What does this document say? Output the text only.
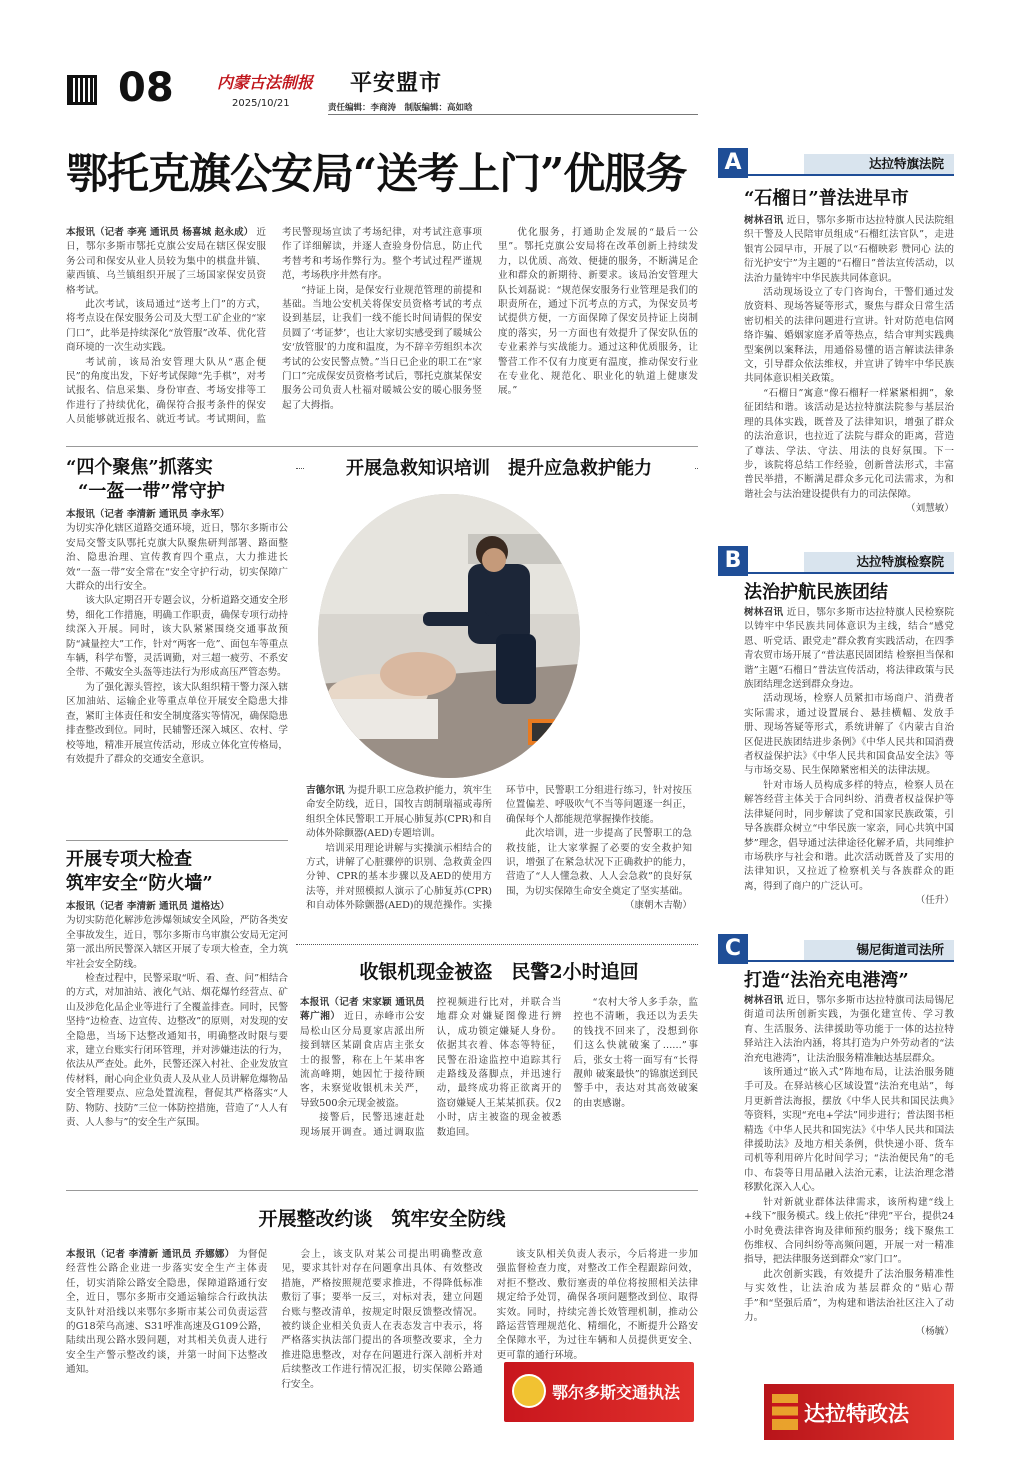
08	内蒙古法制报
2025/10/21
平安盟市
责任编辑：李商涛　制版编辑：高如晗
鄂托克旗公安局“送考上门”优服务
本报讯（记者 李亮 通讯员 杨喜城 赵永成） 近日，鄂尔多斯市鄂托克旗公安局在辖区保安服务公司和保安从业人员较为集中的棋盘井镇、蒙西镇、乌兰镇组织开展了三场国家保安员资格考试。

此次考试，该局通过“送考上门”的方式，将考点设在保安服务公司及大型工矿企业的“家门口”，此举是持续深化“放管服”改革、优化营商环境的一次生动实践。

考试前，该局治安管理大队从“惠企便民”的角度出发，下好考试保障“先手棋”，对考试报名、信息采集、身份审查、考场安排等工作进行了持续优化，确保符合报考条件的保安人员能够就近报名、就近考试。考试期间，监考民警现场宣读了考场纪律，对考试注意事项作了详细解读，并逐人查验身份信息，防止代考替考和考场作弊行为。整个考试过程严谨规范，考场秩序井然有序。

“持证上岗，是保安行业规范管理的前提和基础。当地公安机关将保安员资格考试的考点设到基层，让我们一线不能长时间请假的保安员圆了‘考证梦’，也让大家切实感受到了暖城公安‘放管服’的力度和温度，为不辞辛劳组织本次考试的公安民警点赞。”当日已企业的职工在“家门口”完成保安员资格考试后，鄂托克旗某保安服务公司负责人杜福对暖城公安的暖心服务竖起了大拇指。

优化服务，打通助企发展的“最后一公里”。鄂托克旗公安局将在改革创新上持续发力，以优质、高效、便捷的服务，不断满足企业和群众的新期待、新要求。该局治安管理大队长刘磊说：“规范保安服务行业管理是我们的职责所在，通过下沉考点的方式，为保安员考试提供方便，一方面保障了保安员持证上岗制度的落实，另一方面也有效提升了保安队伍的专业素养与实战能力。通过这种优质服务，让警营工作不仅有力度更有温度，推动保安行业在专业化、规范化、职业化的轨道上健康发展。”

“四个聚焦”抓落实
“一盔一带”常守护
本报讯（记者 李清新 通讯员 李永军）

为切实净化辖区道路交通环境，近日，鄂尔多斯市公安局交警支队鄂托克旗大队聚焦研判部署、路面整治、隐患治理、宣传教育四个重点，大力推进长效“一盔一带”安全常在“安全守护行动，切实保障广大群众的出行安全。

该大队定期召开专题会议，分析道路交通安全形势，细化工作措施，明确工作职责，确保专项行动持续深入开展。同时，该大队紧紧围绕交通事故预防“减量控大”工作，针对“两客一危”、面包车等重点车辆，科学布警，灵活调勤，对三超一疲劳、不系安全带、不戴安全头盔等违法行为形成高压严管态势。

为了强化源头管控，该大队组织精干警力深入辖区加油站、运输企业等重点单位开展安全隐患大排查，紧盯主体责任和安全制度落实等情况，确保隐患排查整改到位。同时，民辅警还深入城区、农村、学校等地，精准开展宣传活动，形成立体化宣传格局，有效提升了群众的交通安全意识。

开展专项大检查
筑牢安全“防火墙”
本报讯（记者 李清新 通讯员 道格达）

为切实防范化解涉危涉爆领域安全风险，严防各类安全事故发生，近日，鄂尔多斯市乌审旗公安局无定河第一派出所民警深入辖区开展了专项大检查，全力筑牢社会安全防线。

检查过程中，民警采取“听、看、查、问”相结合的方式，对加油站、液化气站、烟花爆竹经营点、矿山及涉危化品企业等进行了全覆盖排查。同时，民警坚持“边检查、边宣传、边整改”的原则，对发现的安全隐患，当场下达整改通知书，明确整改时限与要求，建立台账实行闭环管理，并对涉嫌违法的行为，依法从严查处。此外，民警还深入村社、企业发放宣传材料，耐心向企业负责人及从业人员讲解危爆物品安全管理要点、应急处置流程，督促其严格落实“人防、物防、技防”三位一体防控措施，营造了“人人有责、人人参与”的安全生产氛围。

开展急救知识培训　提升应急救护能力
吉德尔讯 为提升职工应急救护能力，筑牢生命安全防线，近日，国牧吉朗制瑞福或毒所组织全体民警职工开展心肺复苏(CPR)和自动体外除颤器(AED)专题培训。

培训采用理论讲解与实操演示相结合的方式，讲解了心脏骤停的识别、急救黄金四分钟、CPR的基本步骤以及AED的使用方法等，并对照模拟人演示了心肺复苏(CPR)和自动体外除颤器(AED)的规范操作。实操环节中，民警职工分组进行练习，针对按压位置偏差、呼吸吹气不当等问题逐一纠正，确保每个人都能规范掌握操作技能。

此次培训，进一步提高了民警职工的急救技能，让大家掌握了必要的安全救护知识，增强了在紧急状况下正确救护的能力，营造了“人人懂急救、人人会急救”的良好氛围，为切实保障生命安全奠定了坚实基础。

（康朝木吉勒）
收银机现金被盗　民警2小时追回
本报讯（记者 宋家颖 通讯员 蒋广湘） 近日，赤峰市公安局松山区分局夏家店派出所接到辖区某副食店店主张女士的报警，称在上午某串客流高峰期，她因忙于接待顾客，未察觉收银机未关严，导致500余元现金被盗。

接警后，民警迅速赶赴现场展开调查。通过调取监控视频进行比对，并联合当地群众对嫌疑图像进行辨认，成功锁定嫌疑人身份。依据其衣着、体态等特征，民警在沿途监控中追踪其行走路线及落脚点，并迅速行动，最终成功将正欲离开的盗窃嫌疑人王某某抓获。仅2小时，店主被盗的现金被悉数追回。

“农村大爷人多手杂，监控也不清晰，我还以为丢失的钱找不回来了，没想到你们这么快就破案了……”事后，张女士将一面写有“长得靓帅 破案最快”的锦旗送到民警手中，表达对其高效破案的由衷感谢。

开展整改约谈　筑牢安全防线
本报讯（记者 李清新 通讯员 乔娜娜） 为督促经营性公路企业进一步落实安全生产主体责任，切实消除公路安全隐患，保障道路通行安全，近日，鄂尔多斯市交通运输综合行政执法支队针对沿线以来鄂尔多斯市某公司负责运营的G18荣乌高速、S31呼准高速及G109公路，陆续出现公路水毁问题，对其相关负责人进行安全生产警示整改约谈，并第一时间下达整改通知。

会上，该支队对某公司提出明确整改意见，要求其针对存在问题拿出具体、有效整改措施，严格按照规范要求推进，不得降低标准敷衍了事；要举一反三，对标对表，建立问题台账与整改清单，按规定时限反馈整改情况。被约谈企业相关负责人在表态发言中表示，将严格落实执法部门提出的各项整改要求，全力推进隐患整改，对存在问题进行深入剖析并对后续整改工作进行情况汇报，切实保障公路通行安全。

该支队相关负责人表示，今后将进一步加强监督检查力度，对整改工作全程跟踪问效，对拒不整改、敷衍塞责的单位将按照相关法律规定给予处罚，确保各项问题整改到位、取得实效。同时，持续完善长效管理机制，推动公路运营管理规范化、精细化，不断提升公路安全保障水平，为过往车辆和人员提供更安全、更可靠的通行环境。

鄂尔多斯交通执法
A	达拉特旗法院
“石榴日”普法进早市
树林召讯 近日，鄂尔多斯市达拉特旗人民法院组织干警及人民陪审员组成“石榴红法官队”，走进银宵公园早市，开展了以“石榴映彩 赞同心 法的衍光护安宁”为主题的“石榴日”普法宣传活动，以法治力量铸牢中华民族共同体意识。

活动现场设立了专门咨询台，干警们通过发放资料、现场答疑等形式，聚焦与群众日常生活密切相关的法律问题进行宣讲。针对防范电信网络诈骗、婚姻家庭矛盾等热点，结合审判实践典型案例以案释法，用通俗易懂的语言解读法律条文，引导群众依法维权，并宣讲了铸牢中华民族共同体意识相关政策。

“石榴日”寓意“像石榴籽一样紧紧相拥”，象征团结和谐。该活动是达拉特旗法院参与基层治理的具体实践，既普及了法律知识，增强了群众的法治意识，也拉近了法院与群众的距离，营造了尊法、学法、守法、用法的良好氛围。下一步，该院将总结工作经验，创新普法形式，丰富普民举措，不断满足群众多元化司法需求，为和谐社会与法治建设提供有力的司法保障。

（刘慧敏）
B	达拉特旗检察院
法治护航民族团结
树林召讯 近日，鄂尔多斯市达拉特旗人民检察院以铸牢中华民族共同体意识为主线，结合“感党恩、听党话、跟党走”群众教育实践活动，在四季青农贸市场开展了“普法惠民固团结 检察担当保和谐”主题“石榴日”普法宣传活动，将法律政策与民族团结理念送到群众身边。

活动现场，检察人员紧扣市场商户、消费者实际需求，通过设置展台、悬挂横幅、发放手册、现场答疑等形式，系统讲解了《内蒙古自治区促进民族团结进步条例》《中华人民共和国消费者权益保护法》《中华人民共和国食品安全法》等与市场交易、民生保障紧密相关的法律法规。

针对市场人员构成多样的特点，检察人员在解答经营主体关于合同纠纷、消费者权益保护等法律疑问时，同步解读了党和国家民族政策，引导各族群众树立“中华民族一家亲，同心共筑中国梦”理念，倡导通过法律途径化解矛盾，共同维护市场秩序与社会和谐。此次活动既普及了实用的法律知识，又拉近了检察机关与各族群众的距离，得到了商户的广泛认可。

（任升）
C	锡尼街道司法所
打造“法治充电港湾”
树林召讯 近日，鄂尔多斯市达拉特旗司法局锡尼街道司法所创新实践，为强化建宣传、学习教育、生活服务、法律援助等功能于一体的达拉特驿站注入法治内涵，将其打造为户外劳动者的“法治充电港湾”，让法治服务精准触达基层群众。

该所通过“嵌入式”阵地布局，让法治服务随手可及。在驿站核心区域设置“法治充电站”，每月更新普法海报，摆放《中华人民共和国民法典》等资料，实现“充电+学法”同步进行；普法图书柜精选《中华人民共和国宪法》《中华人民共和国法律援助法》及地方相关条例，供快递小哥、货车司机等利用碎片化时间学习；“法治便民角”的毛巾、布袋等日用品融入法治元素，让法治理念潜移默化深入人心。

针对新就业群体法律需求，该所构建“线上+线下”服务模式。线上依托“律兜”平台，提供24小时免费法律咨询及律师预约服务；线下聚焦工伤维权、合同纠纷等高频问题，开展一对一精准指导，把法律服务送到群众“家门口”。

此次创新实践，有效提升了法治服务精准性与实效性，让法治成为基层群众的“贴心帮手”和“坚强后盾”，为构建和谐法治社区注入了动力。

（杨毓）
达拉特政法
